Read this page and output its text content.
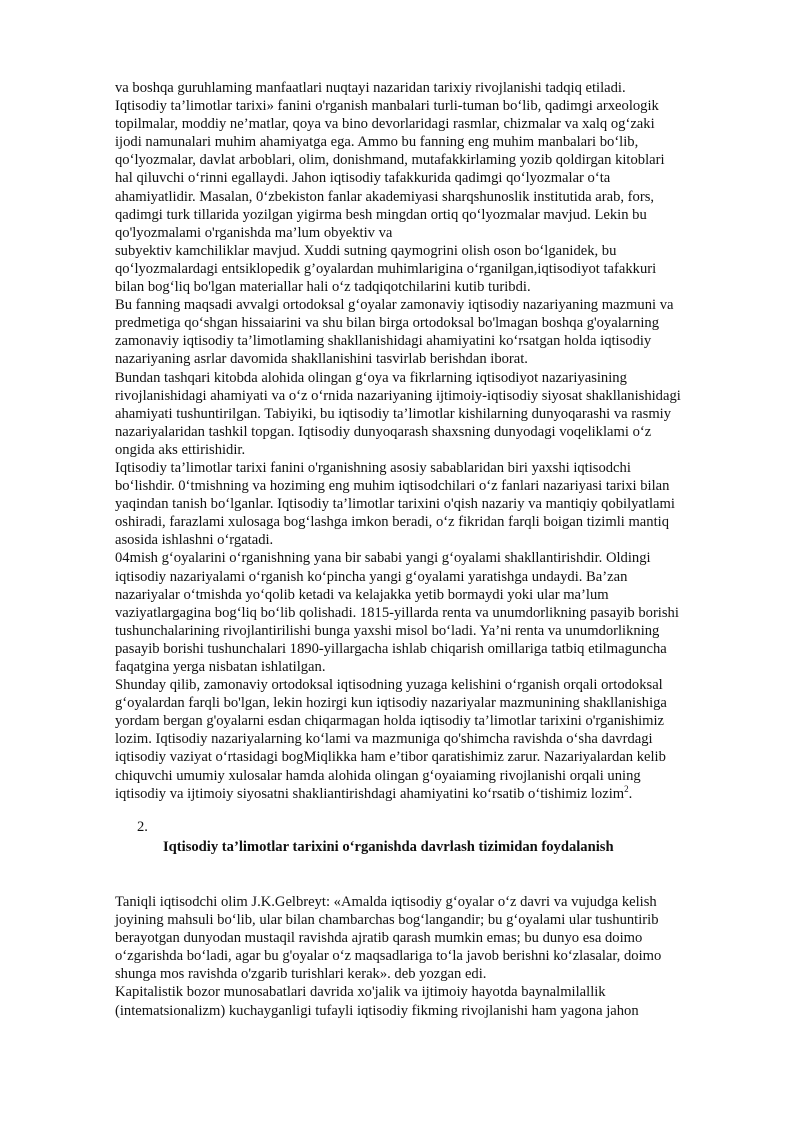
va boshqa guruhlaming manfaatlari nuqtayi nazaridan tarixiy rivojlanishi tadqiq etiladi.
Iqtisodiy ta’limotlar tarixi» fanini o'rganish manbalari turli-tuman bo‘lib, qadimgi arxeologik
topilmalar, moddiy ne’matlar, qoya va bino devorlaridagi rasmlar, chizmalar va xalq og‘zaki
ijodi namunalari muhim ahamiyatga ega. Ammo bu fanning eng muhim manbalari bo‘lib,
qo‘lyozmalar, davlat arboblari, olim, donishmand, mutafakkirlaming yozib qoldirgan kitoblari
hal qiluvchi o‘rinni egallaydi. Jahon iqtisodiy tafakkurida qadimgi qo‘lyozmalar o‘ta
ahamiyatlidir. Masalan, 0‘zbekiston fanlar akademiyasi sharqshunoslik institutida arab, fors,
qadimgi turk tillarida yozilgan yigirma besh mingdan ortiq qo‘lyozmalar mavjud. Lekin bu
qo'lyozmalami o'rganishda ma’lum obyektiv va
subyektiv kamchiliklar mavjud. Xuddi sutning qaymogrini olish oson bo‘lganidek, bu
qo‘lyozmalardagi entsiklopedik g’oyalardan muhimlarigina o‘rganilgan,iqtisodiyot tafakkuri
bilan bog‘liq bo'lgan materiallar hali o‘z tadqiqotchilarini kutib turibdi.

Bu fanning maqsadi avvalgi ortodoksal g‘oyalar zamonaviy iqtisodiy nazariyaning mazmuni va
predmetiga qo‘shgan hissaiarini va shu bilan birga ortodoksal bo'lmagan boshqa g'oyalarning
zamonaviy iqtisodiy ta’limotlaming shakllanishidagi ahamiyatini ko‘rsatgan holda iqtisodiy
nazariyaning asrlar davomida shakllanishini tasvirlab berishdan iborat.

Bundan tashqari kitobda alohida olingan g‘oya va fikrlarning iqtisodiyot nazariyasining
rivojlanishidagi ahamiyati va o‘z o‘rnida nazariyaning ijtimoiy-iqtisodiy siyosat shakllanishidagi
ahamiyati tushuntirilgan. Tabiyiki, bu iqtisodiy ta’limotlar kishilarning dunyoqarashi va rasmiy
nazariyalaridan tashkil topgan. Iqtisodiy dunyoqarash shaxsning dunyodagi voqeliklami o‘z
ongida aks ettirishidir.

Iqtisodiy ta’limotlar tarixi fanini o'rganishning asosiy sabablaridan biri yaxshi iqtisodchi
bo‘lishdir. 0‘tmishning va hoziming eng muhim iqtisodchilari o‘z fanlari nazariyasi tarixi bilan
yaqindan tanish bo‘lganlar. Iqtisodiy ta’limotlar tarixini o'qish nazariy va mantiqiy qobilyatlami
oshiradi, farazlami xulosaga bog‘lashga imkon beradi, o‘z fikridan farqli boigan tizimli mantiq
asosida ishlashni o‘rgatadi.

04mish g‘oyalarini o‘rganishning yana bir sababi yangi g‘oyalami shakllantirishdir. Oldingi
iqtisodiy nazariyalami o‘rganish ko‘pincha yangi g‘oyalami yaratishga undaydi. Ba’zan
nazariyalar o‘tmishda yo‘qolib ketadi va kelajakka yetib bormaydi yoki ular ma’lum
vaziyatlargagina bog‘liq bo‘lib qolishadi. 1815-yillarda renta va unumdorlikning pasayib borishi
tushunchalarining rivojlantirilishi bunga yaxshi misol bo‘ladi. Ya’ni renta va unumdorlikning
pasayib borishi tushunchalari 1890-yillargacha ishlab chiqarish omillariga tatbiq etilmaguncha
faqatgina yerga nisbatan ishlatilgan.

Shunday qilib, zamonaviy ortodoksal iqtisodning yuzaga kelishini o‘rganish orqali ortodoksal
g‘oyalardan farqli bo'lgan, lekin hozirgi kun iqtisodiy nazariyalar mazmunining shakllanishiga
yordam bergan g'oyalarni esdan chiqarmagan holda iqtisodiy ta’limotlar tarixini o'rganishimiz
lozim. Iqtisodiy nazariyalarning ko‘lami va mazmuniga qo'shimcha ravishda o‘sha davrdagi
iqtisodiy vaziyat o‘rtasidagi bogMiqlikka ham e’tibor qaratishimiz zarur. Nazariyalardan kelib
chiquvchi umumiy xulosalar hamda alohida olingan g‘oyaiaming rivojlanishi orqali uning
iqtisodiy va ijtimoiy siyosatni shakliantirishdagi ahamiyatini ko‘rsatib o‘tishimiz lozim$^2$.

2.
Iqtisodiy ta’limotlar tarixini o‘rganishda davrlash tizimidan foydalanish

Taniqli iqtisodchi olim J.K.Gelbreyt: «Amalda iqtisodiy g‘oyalar o‘z davri va vujudga kelish
joyining mahsuli bo‘lib, ular bilan chambarchas bog‘langandir; bu g‘oyalami ular tushuntirib
berayotgan dunyodan mustaqil ravishda ajratib qarash mumkin emas; bu dunyo esa doimo
o‘zgarishda bo‘ladi, agar bu g'oyalar o‘z maqsadlariga to‘la javob berishni ko‘zlasalar, doimo
shunga mos ravishda o'zgarib turishlari kerak». deb yozgan edi.

Kapitalistik bozor munosabatlari davrida xo'jalik va ijtimoiy hayotda baynalmilallik
(intematsionalizm) kuchayganligi tufayli iqtisodiy fikming rivojlanishi ham yagona jahon
